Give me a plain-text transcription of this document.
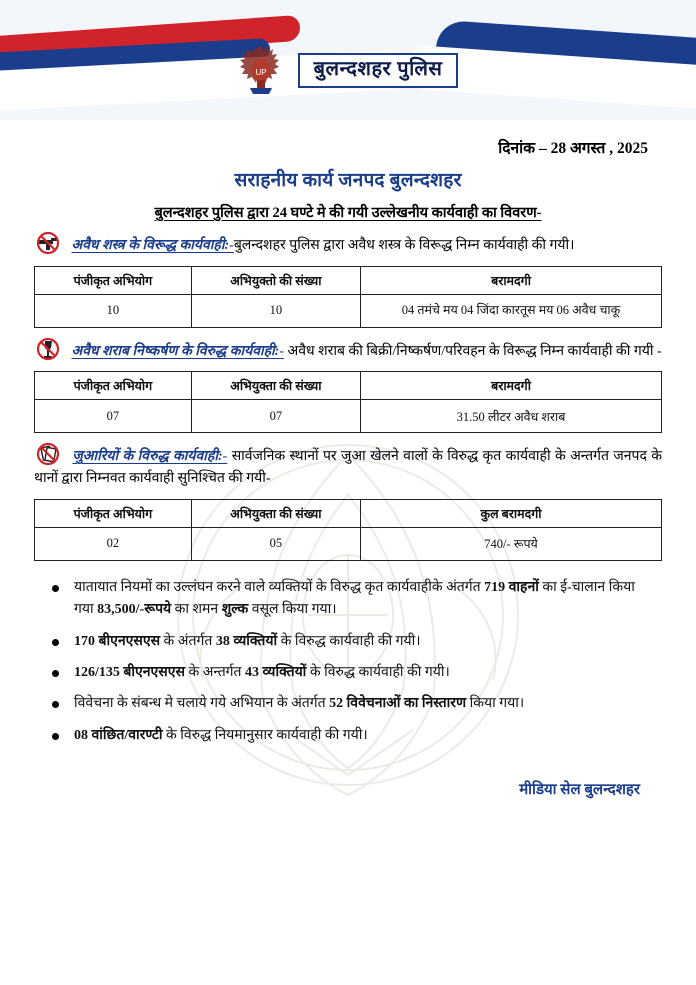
UP	बुलन्दशहर पुलिस
दिनांक – 28 अगस्त , 2025
सराहनीय कार्य जनपद बुलन्दशहर
बुलन्दशहर पुलिस द्वारा 24 घण्टे मे की गयी उल्लेखनीय कार्यवाही का विवरण-
अवैध शस्त्र के विरूद्ध कार्यवाही:-बुलन्दशहर पुलिस द्वारा अवैध शस्त्र के विरूद्ध निम्न कार्यवाही की गयी।
पंजीकृत अभियोग	अभियुक्तो की संख्या	बरामदगी
10	10	04 तमंचे मय 04 जिंदा कारतूस मय 06 अवैध चाकू
अवैध शराब निष्कर्षण के विरुद्ध कार्यवाही:- अवैध शराब की बिक्री/निष्कर्षण/परिवहन के विरूद्ध निम्न कार्यवाही की गयी -
पंजीकृत अभियोग	अभियुक्ता की संख्या	बरामदगी
07	07	31.50 लीटर अवैध शराब
जुआरियों के विरुद्ध कार्यवाही:- सार्वजनिक स्थानों पर जुआ खेलने वालों के विरुद्ध कृत कार्यवाही के अन्तर्गत जनपद के थानों द्वारा निम्नवत कार्यवाही सुनिश्चित की गयी-
पंजीकृत अभियोग	अभियुक्ता की संख्या	कुल बरामदगी
02	05	740/- रूपये
यातायात नियमों का उल्लंघन करने वाले व्यक्तियों के विरुद्ध कृत कार्यवाहीके अंतर्गत 719 वाहनों का ई-चालान किया गया 83,500/-रूपये का शमन शुल्क वसूल किया गया।
170 बीएनएसएस के अंतर्गत 38 व्यक्तियों के विरुद्ध कार्यवाही की गयी।
126/135 बीएनएसएस के अन्तर्गत 43 व्यक्तियों के विरुद्ध कार्यवाही की गयी।
विवेचना के संबन्ध मे चलाये गये अभियान के अंतर्गत 52 विवेचनाओं का निस्तारण किया गया।
08 वांछित/वारण्टी के विरुद्ध नियमानुसार कार्यवाही की गयी।
मीडिया सेल बुलन्दशहर
